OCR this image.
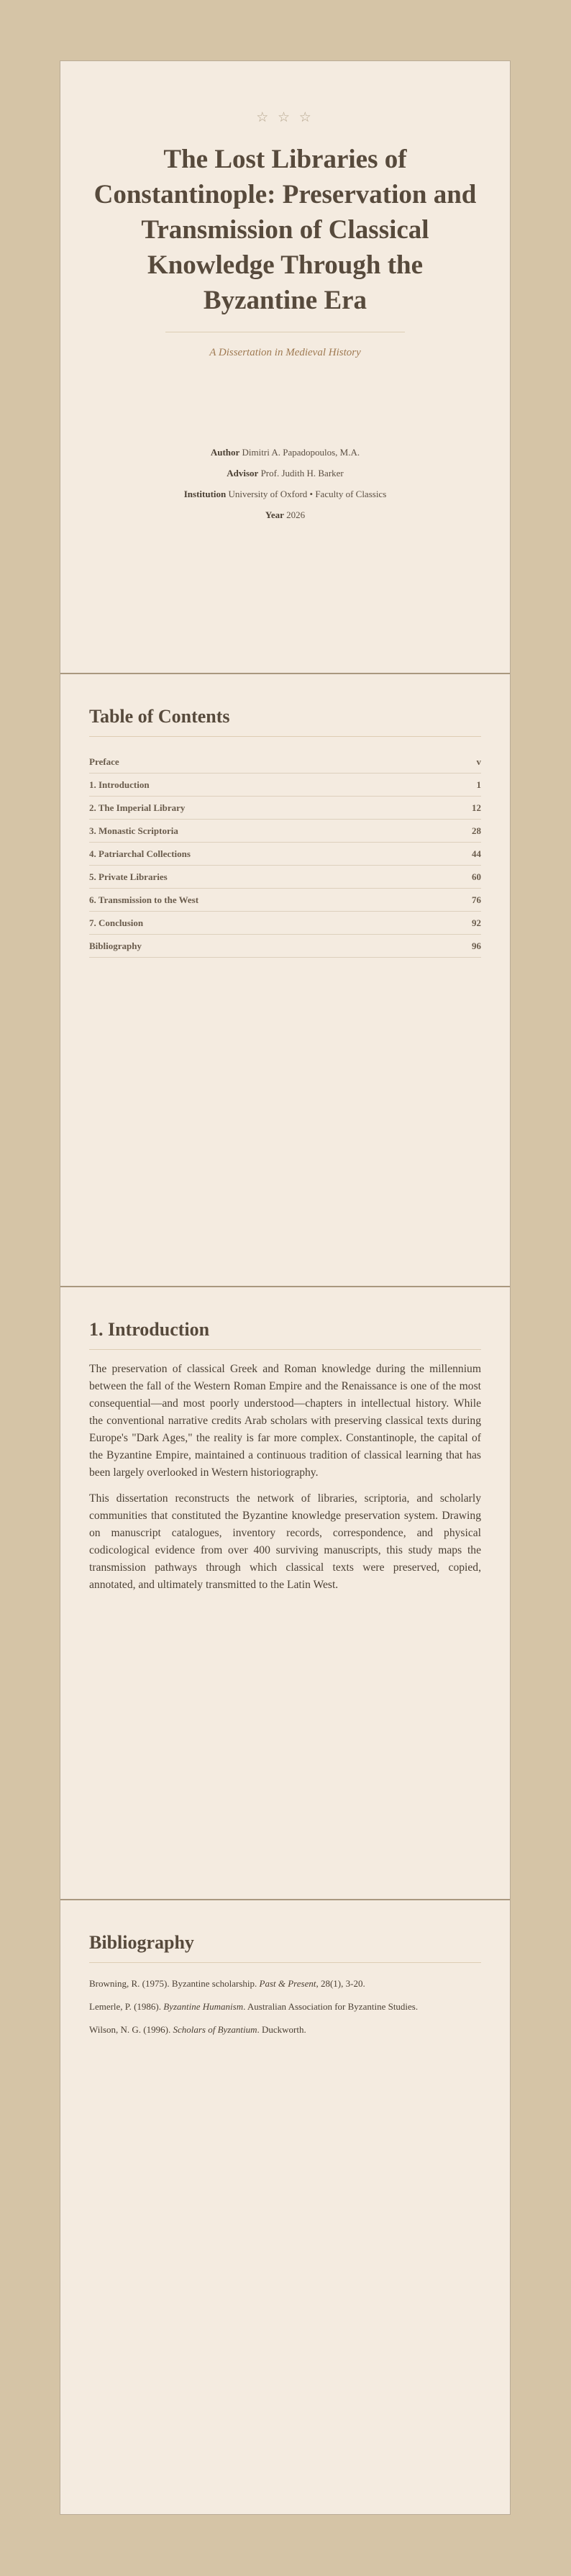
☆ ☆ ☆
The Lost Libraries of Constantinople: Preservation and Transmission of Classical Knowledge Through the Byzantine Era
A Dissertation in Medieval History
Author Dimitri A. Papadopoulos, M.A.
Advisor Prof. Judith H. Barker
Institution University of Oxford • Faculty of Classics
Year 2026
Table of Contents
Preface	v
1. Introduction	1
2. The Imperial Library	12
3. Monastic Scriptoria	28
4. Patriarchal Collections	44
5. Private Libraries	60
6. Transmission to the West	76
7. Conclusion	92
Bibliography	96
1. Introduction

The preservation of classical Greek and Roman knowledge during the millennium between the fall of the Western Roman Empire and the Renaissance is one of the most consequential—and most poorly understood—chapters in intellectual history. While the conventional narrative credits Arab scholars with preserving classical texts during Europe's "Dark Ages," the reality is far more complex. Constantinople, the capital of the Byzantine Empire, maintained a continuous tradition of classical learning that has been largely overlooked in Western historiography.

This dissertation reconstructs the network of libraries, scriptoria, and scholarly communities that constituted the Byzantine knowledge preservation system. Drawing on manuscript catalogues, inventory records, correspondence, and physical codicological evidence from over 400 surviving manuscripts, this study maps the transmission pathways through which classical texts were preserved, copied, annotated, and ultimately transmitted to the Latin West.

Bibliography

Browning, R. (1975). Byzantine scholarship. Past & Present, 28(1), 3-20.

Lemerle, P. (1986). Byzantine Humanism. Australian Association for Byzantine Studies.

Wilson, N. G. (1996). Scholars of Byzantium. Duckworth.
